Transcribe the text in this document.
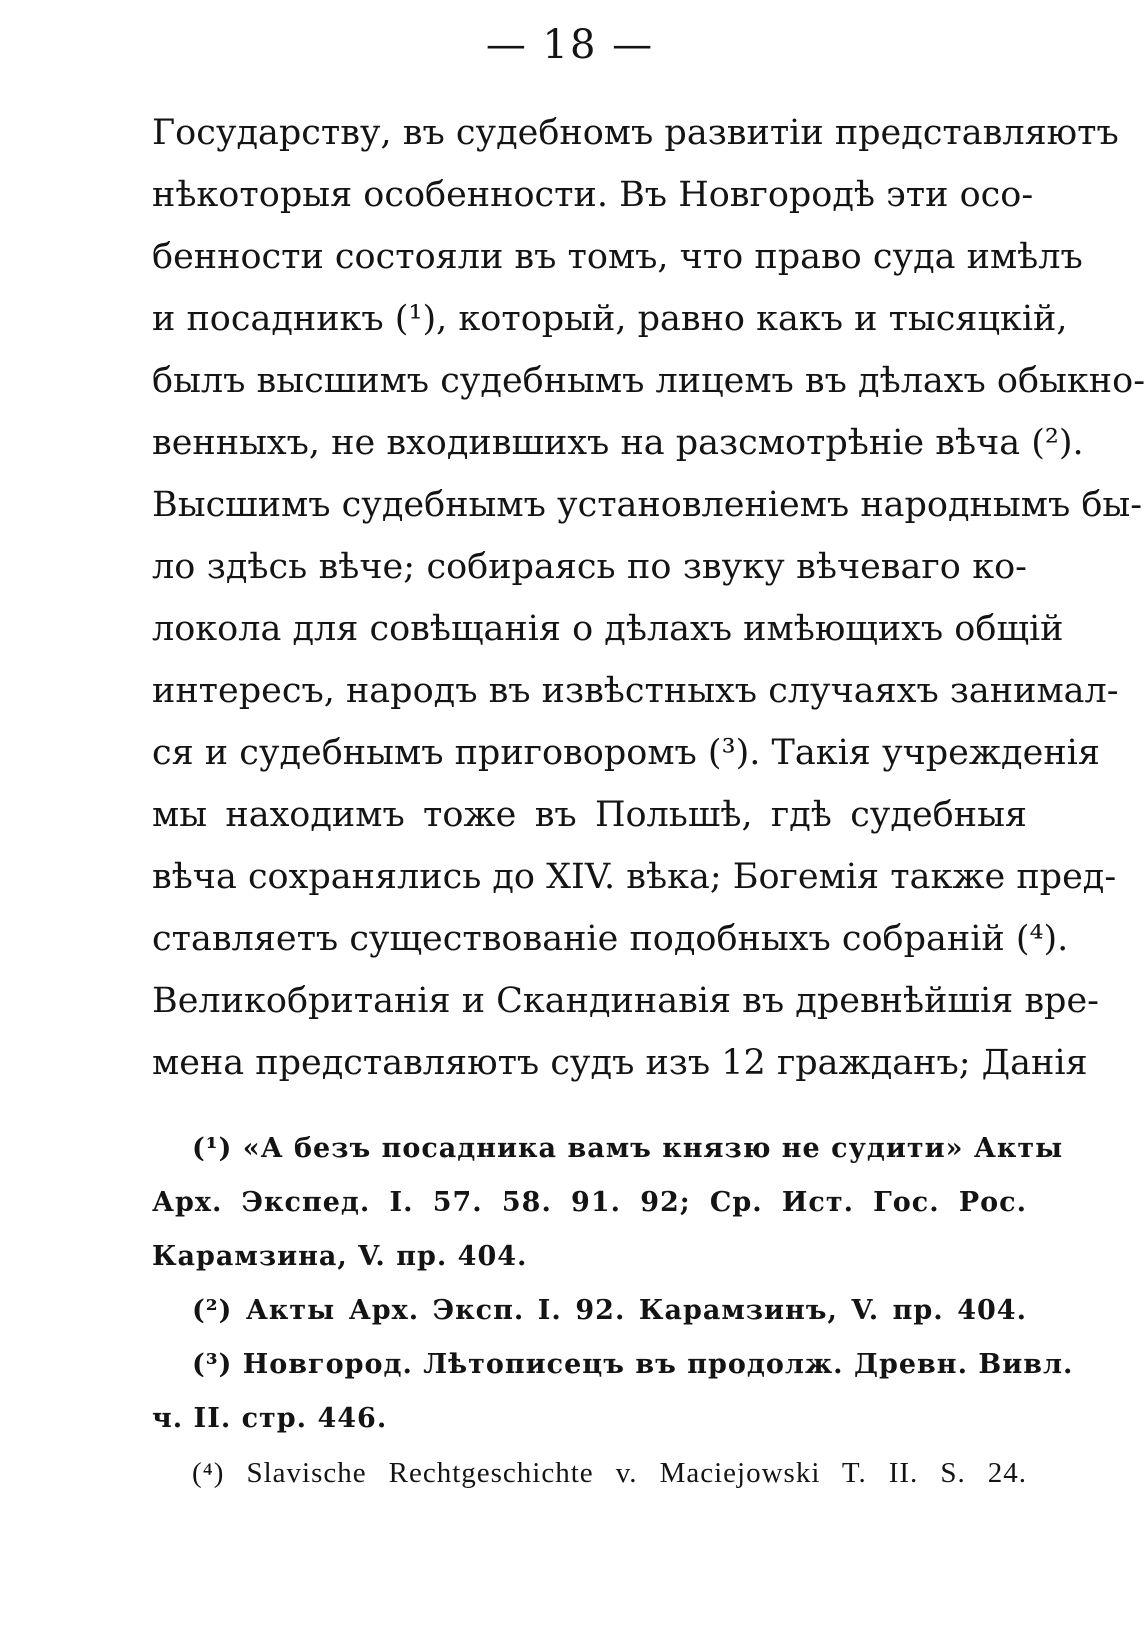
— 18 —
Государству, въ судебномъ развитіи представляютъ
нѣкоторыя особенности. Въ Новгородѣ эти осо-
бенности состояли въ томъ, что право суда имѣлъ
и посадникъ (¹), который, равно какъ и тысяцкій,
былъ высшимъ судебнымъ лицемъ въ дѣлахъ обыкно-
венныхъ, не входившихъ на разсмотрѣніе вѣча (²).
Высшимъ судебнымъ установленіемъ народнымъ бы-
ло здѣсь вѣче; собираясь по звуку вѣчеваго ко-
локола для совѣщанія о дѣлахъ имѣющихъ общій
интересъ, народъ въ извѣстныхъ случаяхъ занимал-
ся и судебнымъ приговоромъ (³). Такія учрежденія
мы находимъ тоже въ Польшѣ, гдѣ судебныя
вѣча сохранялись до XIV. вѣка; Богемія также пред-
ставляетъ существованіе подобныхъ собраній (⁴).
Великобританія и Скандинавія въ древнѣйшія вре-
мена представляютъ судъ изъ 12 гражданъ; Данія
(¹) «А безъ посадника вамъ князю не судити» Акты
Арх. Экспед. I. 57. 58. 91. 92; Ср. Ист. Гос. Рос.
Карамзина, V. пр. 404.
(²) Акты Арх. Эксп. I. 92. Карамзинъ, V. пр. 404.
(³) Новгород. Лѣтописецъ въ продолж. Древн. Вивл.
ч. II. стр. 446.
(⁴) Slavische Rechtgeschichte v. Maciejowski T. II. S. 24.
